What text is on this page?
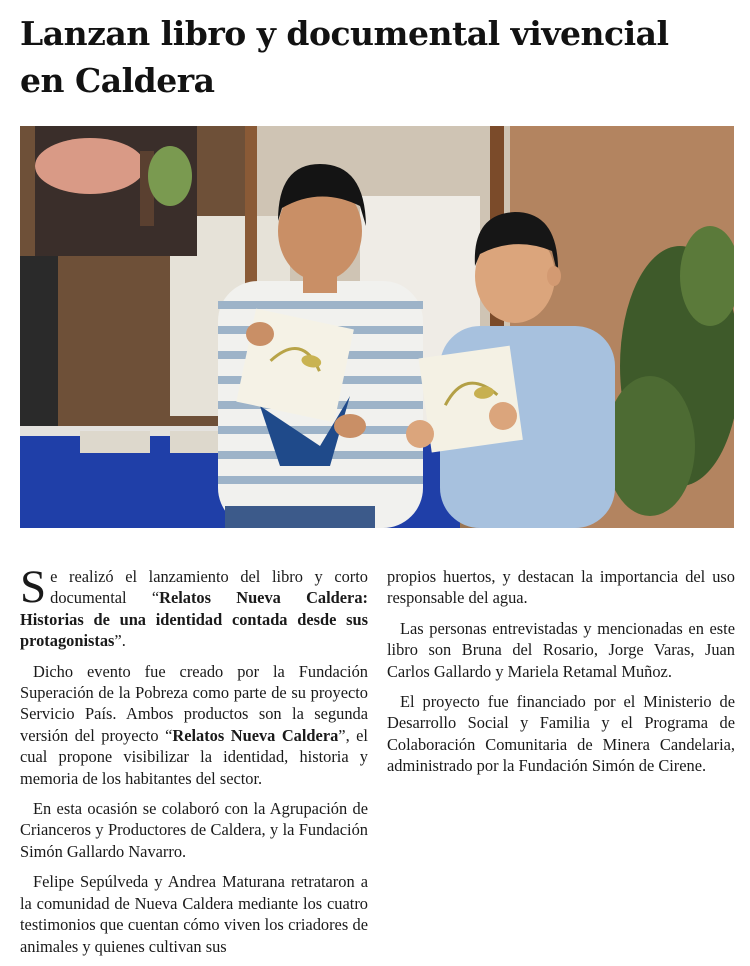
Lanzan libro y documental vivencial en Caldera

Se realizó el lanzamiento del libro y corto documental “Relatos Nueva Caldera: Historias de una identidad contada desde sus protagonistas”.

Dicho evento fue creado por la Fundación Superación de la Pobreza como parte de su proyecto Servicio País. Ambos productos son la segunda versión del proyecto “Relatos Nueva Caldera”, el cual propone visibilizar la identidad, historia y memoria de los habitantes del sector.

En esta ocasión se colaboró con la Agrupación de Crianceros y Productores de Caldera, y la Fundación Simón Gallardo Navarro.

Felipe Sepúlveda y Andrea Maturana retrataron a la comunidad de Nueva Caldera mediante los cuatro testimonios que cuentan cómo viven los criadores de animales y quienes cultivan sus

propios huertos, y destacan la importancia del uso responsable del agua.

Las personas entrevistadas y mencionadas en este libro son Bruna del Rosario, Jorge Varas, Juan Carlos Gallardo y Mariela Retamal Muñoz.

El proyecto fue financiado por el Ministerio de Desarrollo Social y Familia y el Programa de Colaboración Comunitaria de Minera Candelaria, administrado por la Fundación Simón de Cirene.
